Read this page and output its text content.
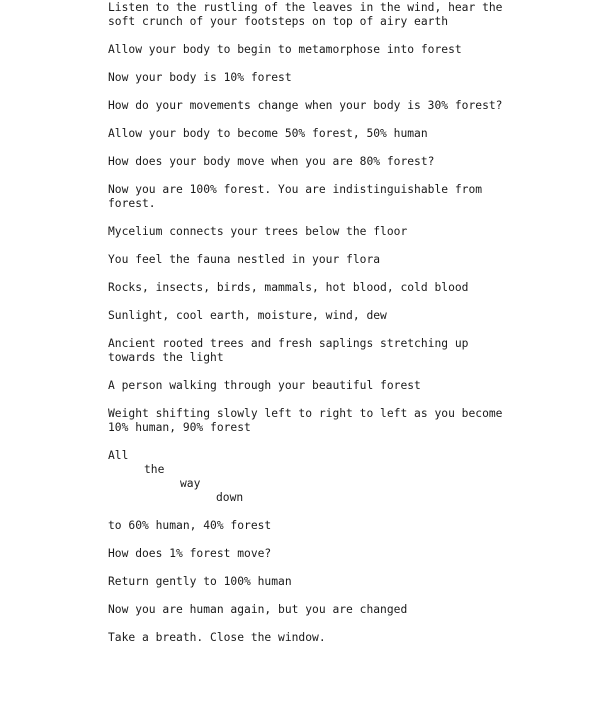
Listen to the rustling of the leaves in the wind, hear the soft crunch of your footsteps on top of airy earth
Allow your body to begin to metamorphose into forest
Now your body is 10% forest
How do your movements change when your body is 30% forest?
Allow your body to become 50% forest, 50% human
How does your body move when you are 80% forest?
Now you are 100% forest. You are indistinguishable from forest.
Mycelium connects your trees below the floor
You feel the fauna nestled in your flora
Rocks, insects, birds, mammals, hot blood, cold blood
Sunlight, cool earth, moisture, wind, dew
Ancient rooted trees and fresh saplings stretching up towards the light
A person walking through your beautiful forest
Weight shifting slowly left to right to left as you become 10% human, 90% forest
All
the
way
down
to 60% human, 40% forest
How does 1% forest move?
Return gently to 100% human
Now you are human again, but you are changed
Take a breath. Close the window.
